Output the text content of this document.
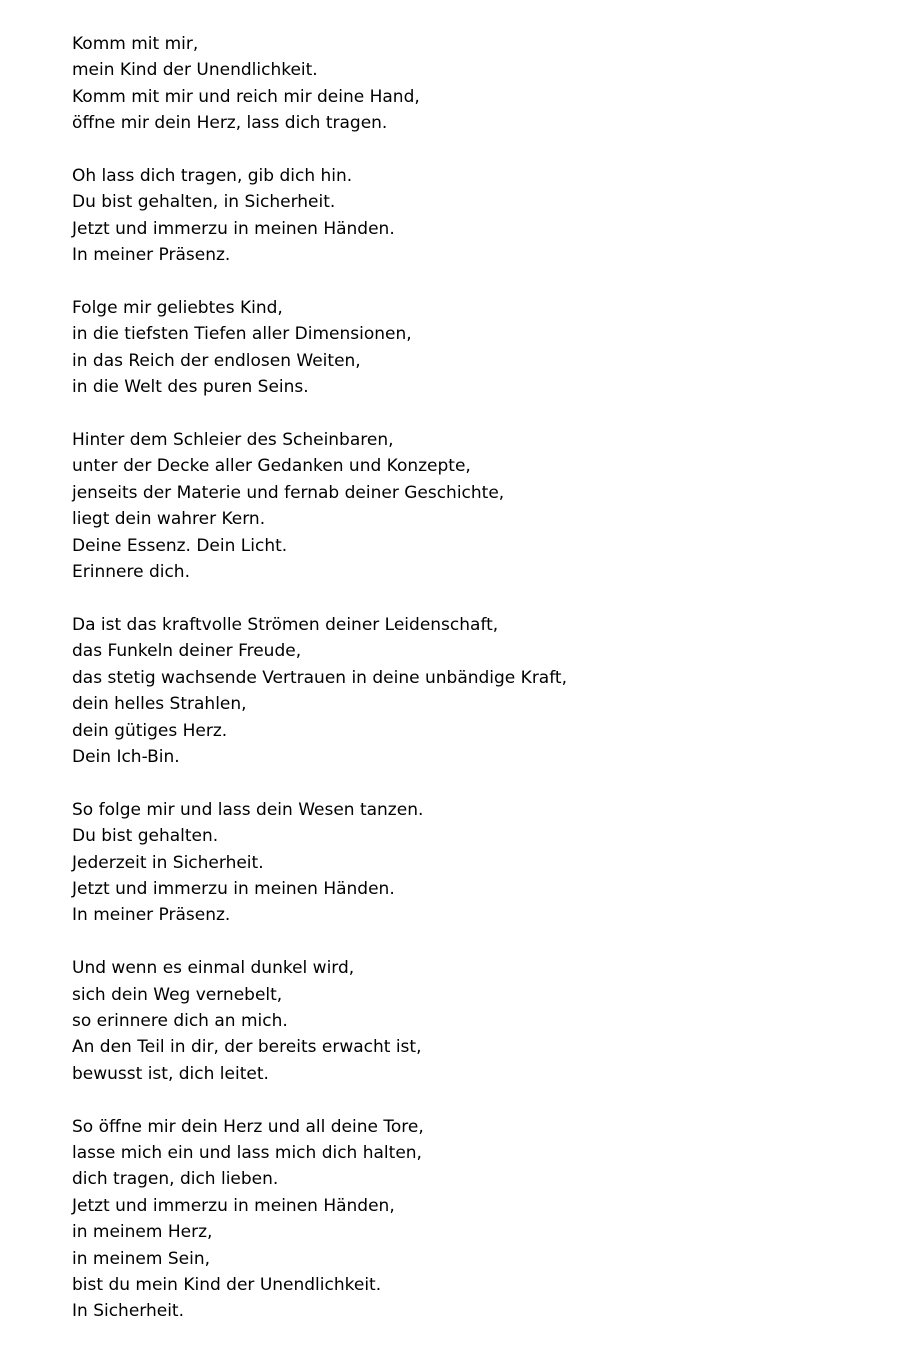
Komm mit mir,
mein Kind der Unendlichkeit.
Komm mit mir und reich mir deine Hand,
öffne mir dein Herz, lass dich tragen.
Oh lass dich tragen, gib dich hin.
Du bist gehalten, in Sicherheit.
Jetzt und immerzu in meinen Händen.
In meiner Präsenz.
Folge mir geliebtes Kind,
in die tiefsten Tiefen aller Dimensionen,
in das Reich der endlosen Weiten,
in die Welt des puren Seins.
Hinter dem Schleier des Scheinbaren,
unter der Decke aller Gedanken und Konzepte,
jenseits der Materie und fernab deiner Geschichte,
liegt dein wahrer Kern.
Deine Essenz. Dein Licht.
Erinnere dich.
Da ist das kraftvolle Strömen deiner Leidenschaft,
das Funkeln deiner Freude,
das stetig wachsende Vertrauen in deine unbändige Kraft,
dein helles Strahlen,
dein gütiges Herz.
Dein Ich-Bin.
So folge mir und lass dein Wesen tanzen.
Du bist gehalten.
Jederzeit in Sicherheit.
Jetzt und immerzu in meinen Händen.
In meiner Präsenz.
Und wenn es einmal dunkel wird,
sich dein Weg vernebelt,
so erinnere dich an mich.
An den Teil in dir, der bereits erwacht ist,
bewusst ist, dich leitet.
So öffne mir dein Herz und all deine Tore,
lasse mich ein und lass mich dich halten,
dich tragen, dich lieben.
Jetzt und immerzu in meinen Händen,
in meinem Herz,
in meinem Sein,
bist du mein Kind der Unendlichkeit.
In Sicherheit.
